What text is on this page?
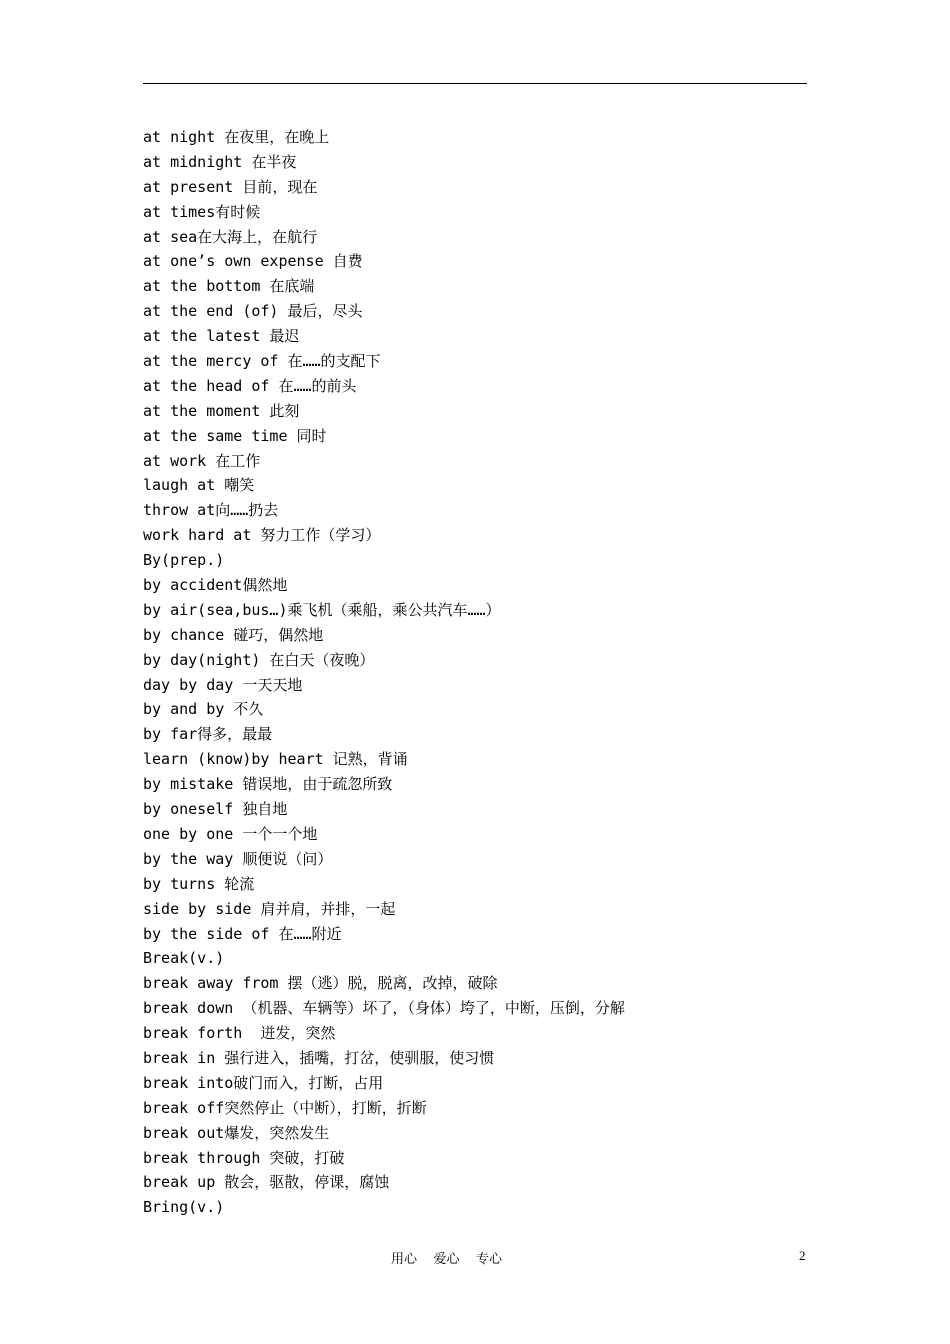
at night 在夜里，在晚上
at midnight 在半夜
at present 目前，现在
at times有时候
at sea在大海上，在航行
at one’s own expense 自费
at the bottom 在底端
at the end (of) 最后，尽头
at the latest 最迟
at the mercy of 在……的支配下
at the head of 在……的前头
at the moment 此刻
at the same time 同时
at work 在工作
laugh at 嘲笑
throw at向……扔去
work hard at 努力工作（学习）
By(prep.)
by accident偶然地
by air(sea,bus…)乘飞机（乘船，乘公共汽车……）
by chance 碰巧，偶然地
by day(night) 在白天（夜晚）
day by day 一天天地
by and by 不久
by far得多，最最
learn (know)by heart 记熟，背诵
by mistake 错误地，由于疏忽所致
by oneself 独自地
one by one 一个一个地
by the way 顺便说（问）
by turns 轮流
side by side 肩并肩，并排，一起
by the side of 在……附近
Break(v.)
break away from 摆（逃）脱，脱离，改掉，破除
break down （机器、车辆等）坏了，（身体）垮了，中断，压倒，分解
break forth  迸发，突然
break in 强行进入，插嘴，打岔，使驯服，使习惯
break into破门而入，打断，占用
break off突然停止（中断），打断，折断
break out爆发，突然发生
break through 突破，打破
break up 散会，驱散，停课，腐蚀
Bring(v.)
用心    爱心    专心	2
